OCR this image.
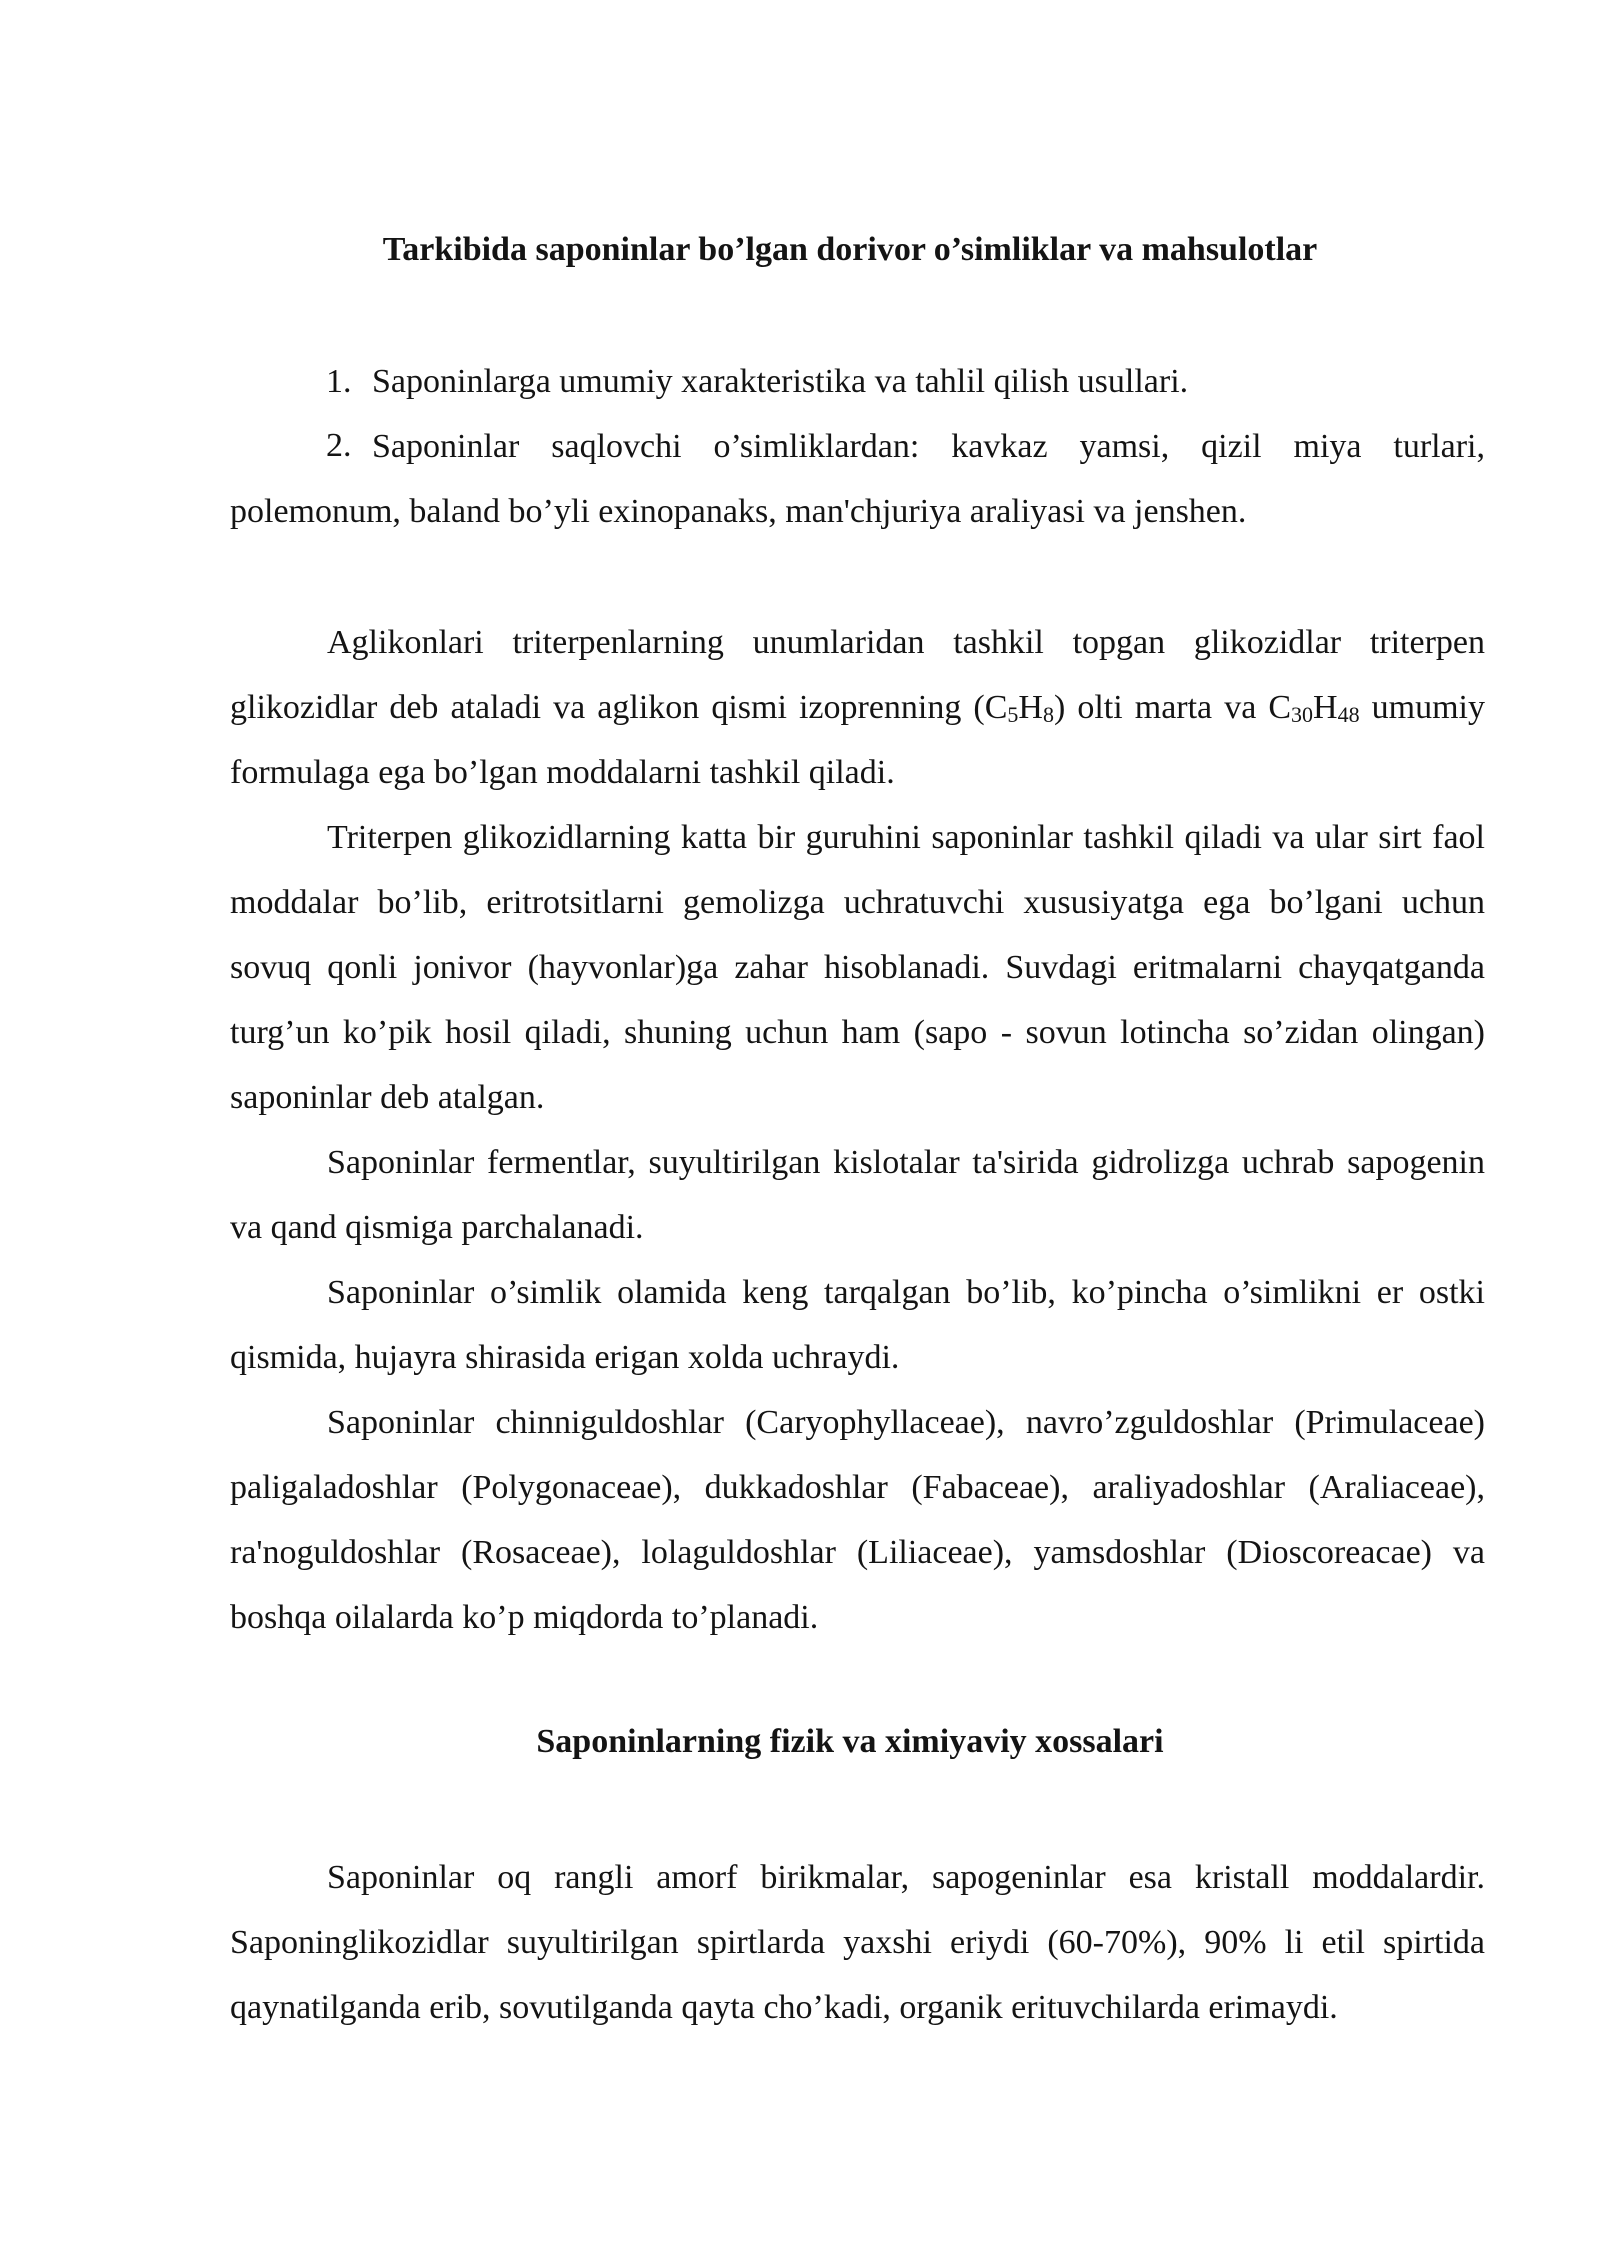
Tarkibida saponinlar bo’lgan dorivor o’simliklar va mahsulotlar
1. Saponinlarga umumiy xarakteristika va tahlil qilish usullari.
2. Saponinlar saqlovchi o’simliklardan: kavkaz yamsi, qizil miya turlari,

polemonum, baland bo’yli exinopanaks, man'chjuriya araliyasi va jenshen.

Aglikonlari triterpenlarning unumlaridan tashkil topgan glikozidlar triterpen glikozidlar deb ataladi va aglikon qismi izoprenning $(C_5H_8)$ olti marta va $C_{30}H_{48}$ umumiy formulaga ega bo’lgan moddalarni tashkil qiladi.

Triterpen glikozidlarning katta bir guruhini saponinlar tashkil qiladi va ular sirt faol moddalar bo’lib, eritrotsitlarni gemolizga uchratuvchi xususiyatga ega bo’lgani uchun sovuq qonli jonivor (hayvonlar)ga zahar hisoblanadi. Suvdagi eritmalarni chayqatganda turg’un ko’pik hosil qiladi, shuning uchun ham (sapo - sovun lotincha so’zidan olingan) saponinlar deb atalgan.

Saponinlar fermentlar, suyultirilgan kislotalar ta'sirida gidrolizga uchrab sapogenin va qand qismiga parchalanadi.

Saponinlar o’simlik olamida keng tarqalgan bo’lib, ko’pincha o’simlikni er ostki qismida, hujayra shirasida erigan xolda uchraydi.

Saponinlar chinniguldoshlar (Caryophyllaceae), navro’zguldoshlar (Primulaceae) paligaladoshlar (Polygonaceae), dukkadoshlar (Fabaceae), araliyadoshlar (Araliaceae), ra'noguldoshlar (Rosaceae), lolaguldoshlar (Liliaceae), yamsdoshlar (Dioscoreacae) va boshqa oilalarda ko’p miqdorda to’planadi.

Saponinlarning fizik va ximiyaviy xossalari

Saponinlar oq rangli amorf birikmalar, sapogeninlar esa kristall moddalardir. Saponinglikozidlar suyultirilgan spirtlarda yaxshi eriydi (60-70%), 90% li etil spirtida qaynatilganda erib, sovutilganda qayta cho’kadi, organik erituvchilarda erimaydi.
